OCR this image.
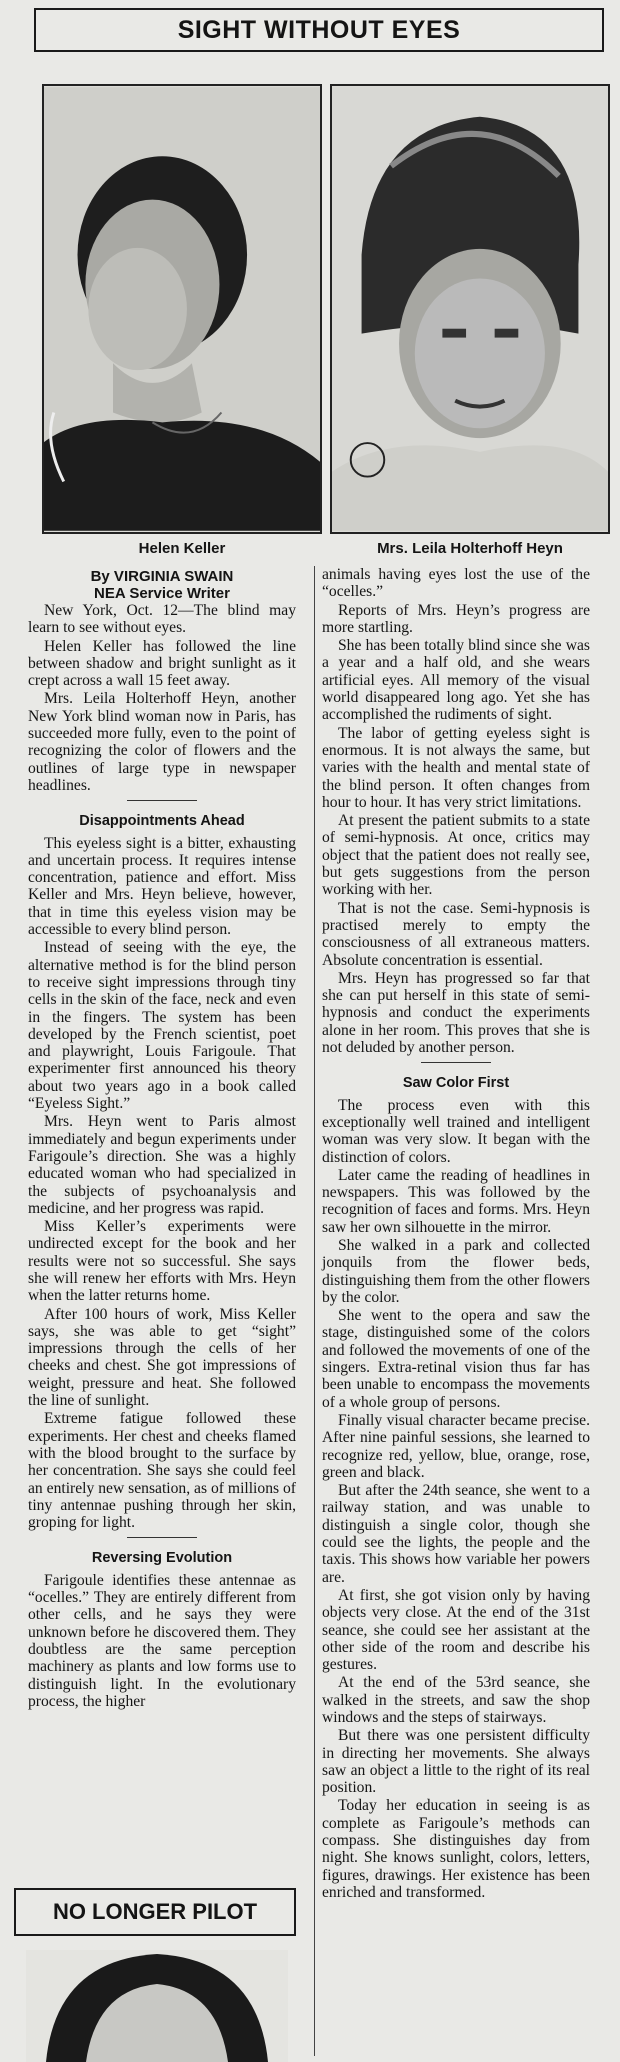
SIGHT WITHOUT EYES
Helen Keller	Mrs. Leila Holterhoff Heyn
By VIRGINIA SWAIN
NEA Service Writer

New York, Oct. 12—The blind may learn to see without eyes.

Helen Keller has followed the line between shadow and bright sunlight as it crept across a wall 15 feet away.

Mrs. Leila Holterhoff Heyn, another New York blind woman now in Paris, has succeeded more fully, even to the point of recognizing the color of flowers and the outlines of large type in newspaper headlines.

Disappointments Ahead

This eyeless sight is a bitter, exhausting and uncertain process. It requires intense concentration, patience and effort. Miss Keller and Mrs. Heyn believe, however, that in time this eyeless vision may be accessible to every blind person.

Instead of seeing with the eye, the alternative method is for the blind person to receive sight impressions through tiny cells in the skin of the face, neck and even in the fingers. The system has been developed by the French scientist, poet and playwright, Louis Farigoule. That experimenter first announced his theory about two years ago in a book called “Eyeless Sight.”

Mrs. Heyn went to Paris almost immediately and begun experiments under Farigoule’s direction. She was a highly educated woman who had specialized in the subjects of psychoanalysis and medicine, and her progress was rapid.

Miss Keller’s experiments were undirected except for the book and her results were not so successful. She says she will renew her efforts with Mrs. Heyn when the latter returns home.

After 100 hours of work, Miss Keller says, she was able to get “sight” impressions through the cells of her cheeks and chest. She got impressions of weight, pressure and heat. She followed the line of sunlight.

Extreme fatigue followed these experiments. Her chest and cheeks flamed with the blood brought to the surface by her concentration. She says she could feel an entirely new sensation, as of millions of tiny antennae pushing through her skin, groping for light.

Reversing Evolution

Farigoule identifies these antennae as “ocelles.” They are entirely different from other cells, and he says they were unknown before he discovered them. They doubtless are the same perception machinery as plants and low forms use to distinguish light. In the evolutionary process, the higher

animals having eyes lost the use of the “ocelles.”

Reports of Mrs. Heyn’s progress are more startling.

She has been totally blind since she was a year and a half old, and she wears artificial eyes. All memory of the visual world disappeared long ago. Yet she has accomplished the rudiments of sight.

The labor of getting eyeless sight is enormous. It is not always the same, but varies with the health and mental state of the blind person. It often changes from hour to hour. It has very strict limitations.

At present the patient submits to a state of semi-hypnosis. At once, critics may object that the patient does not really see, but gets suggestions from the person working with her.

That is not the case. Semi-hypnosis is practised merely to empty the consciousness of all extraneous matters. Absolute concentration is essential.

Mrs. Heyn has progressed so far that she can put herself in this state of semi-hypnosis and conduct the experiments alone in her room. This proves that she is not deluded by another person.

Saw Color First

The process even with this exceptionally well trained and intelligent woman was very slow. It began with the distinction of colors.

Later came the reading of headlines in newspapers. This was followed by the recognition of faces and forms. Mrs. Heyn saw her own silhouette in the mirror.

She walked in a park and collected jonquils from the flower beds, distinguishing them from the other flowers by the color.

She went to the opera and saw the stage, distinguished some of the colors and followed the movements of one of the singers. Extra-retinal vision thus far has been unable to encompass the movements of a whole group of persons.

Finally visual character became precise. After nine painful sessions, she learned to recognize red, yellow, blue, orange, rose, green and black.

But after the 24th seance, she went to a railway station, and was unable to distinguish a single color, though she could see the lights, the people and the taxis. This shows how variable her powers are.

At first, she got vision only by having objects very close. At the end of the 31st seance, she could see her assistant at the other side of the room and describe his gestures.

At the end of the 53rd seance, she walked in the streets, and saw the shop windows and the steps of stairways.

But there was one persistent difficulty in directing her movements. She always saw an object a little to the right of its real position.

Today her education in seeing is as complete as Farigoule’s methods can compass. She distinguishes day from night. She knows sunlight, colors, letters, figures, drawings. Her existence has been enriched and transformed.

NO LONGER PILOT
